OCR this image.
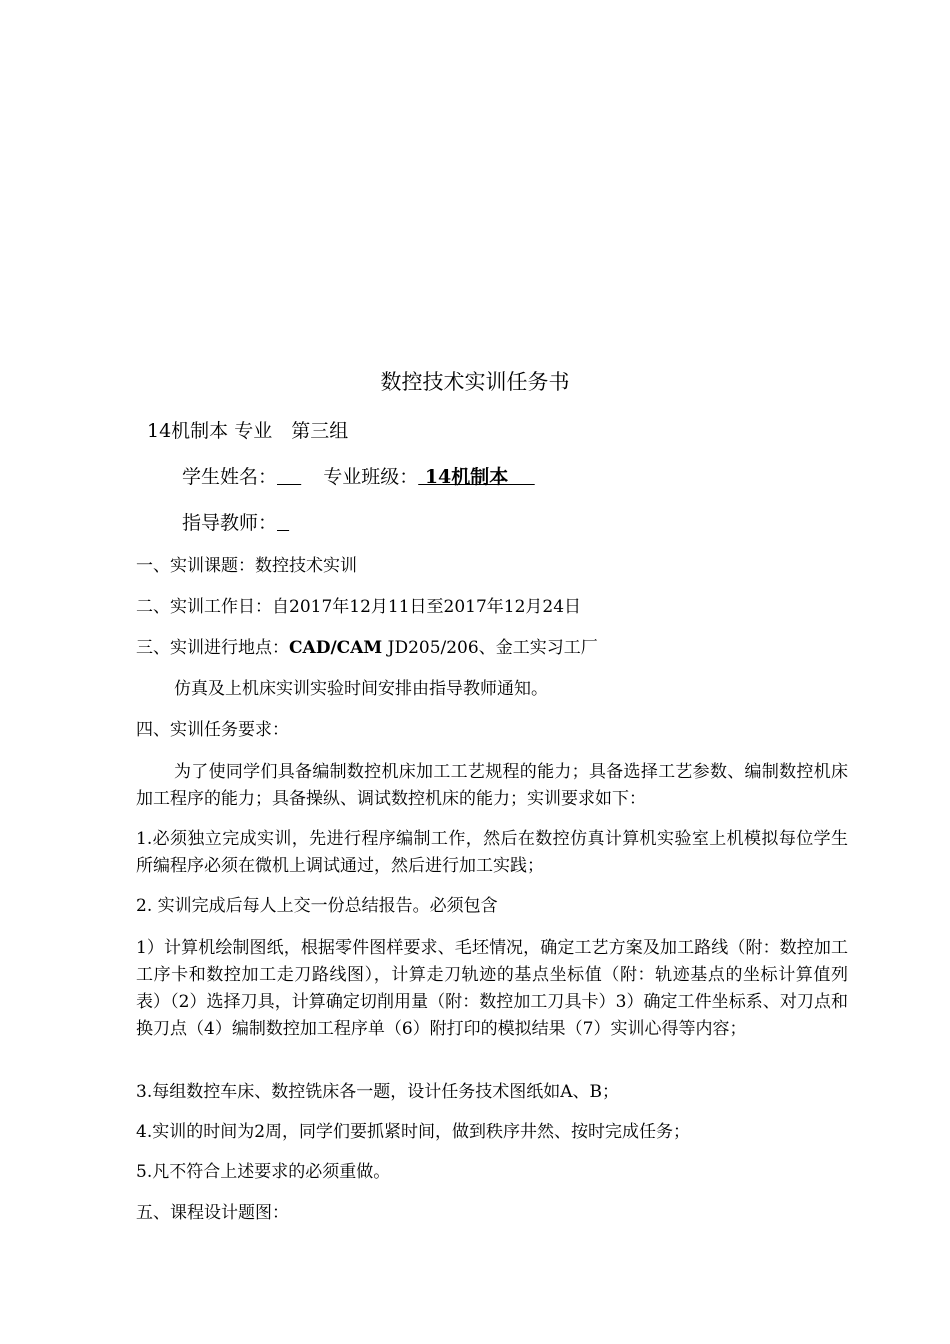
数控技术实训任务书
14机制本 专业　第三组
学生姓名： 专业班级： 14机制本
指导教师：
一、实训课题：数控技术实训
二、实训工作日：自2017年12月11日至2017年12月24日
三、实训进行地点：CAD/CAM JD205/206、金工实习工厂
仿真及上机床实训实验时间安排由指导教师通知。
四、实训任务要求：
为了使同学们具备编制数控机床加工工艺规程的能力；具备选择工艺参数、编制数控机床加工程序的能力；具备操纵、调试数控机床的能力；实训要求如下：
1.必须独立完成实训，先进行程序编制工作，然后在数控仿真计算机实验室上机模拟每位学生所编程序必须在微机上调试通过，然后进行加工实践；
2. 实训完成后每人上交一份总结报告。必须包含
1）计算机绘制图纸，根据零件图样要求、毛坯情况，确定工艺方案及加工路线（附：数控加工工序卡和数控加工走刀路线图），计算走刀轨迹的基点坐标值（附：轨迹基点的坐标计算值列表）（2）选择刀具，计算确定切削用量（附：数控加工刀具卡）3）确定工件坐标系、对刀点和换刀点（4）编制数控加工程序单（6）附打印的模拟结果（7）实训心得等内容；
3.每组数控车床、数控铣床各一题，设计任务技术图纸如A、B；
4.实训的时间为2周，同学们要抓紧时间，做到秩序井然、按时完成任务；
5.凡不符合上述要求的必须重做。
五、课程设计题图：
